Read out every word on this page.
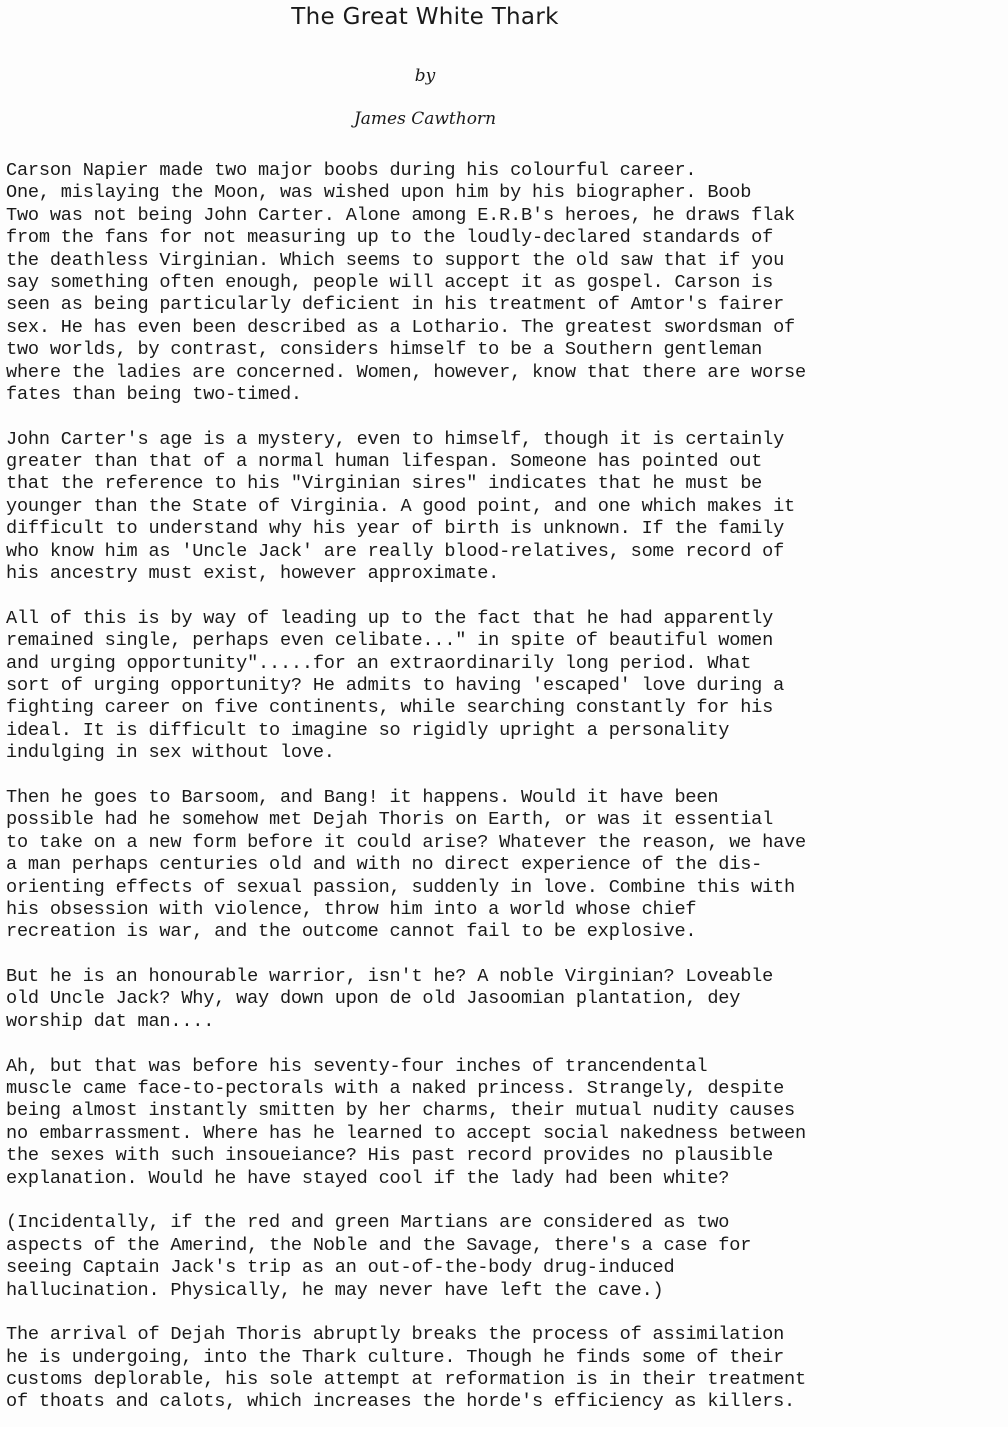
The Great White Thark
by
James Cawthorn
Carson Napier made two major boobs during his colourful career.
One, mislaying the Moon, was wished upon him by his biographer. Boob
Two was not being John Carter. Alone among E.R.B's heroes, he draws flak
from the fans for not measuring up to the loudly-declared standards of
the deathless Virginian. Which seems to support the old saw that if you
say something often enough, people will accept it as gospel. Carson is
seen as being particularly deficient in his treatment of Amtor's fairer
sex. He has even been described as a Lothario. The greatest swordsman of
two worlds, by contrast, considers himself to be a Southern gentleman
where the ladies are concerned. Women, however, know that there are worse
fates than being two-timed.
John Carter's age is a mystery, even to himself, though it is certainly
greater than that of a normal human lifespan. Someone has pointed out
that the reference to his "Virginian sires" indicates that he must be
younger than the State of Virginia. A good point, and one which makes it
difficult to understand why his year of birth is unknown. If the family
who know him as 'Uncle Jack' are really blood-relatives, some record of
his ancestry must exist, however approximate.
All of this is by way of leading up to the fact that he had apparently
remained single, perhaps even celibate..." in spite of beautiful women
and urging opportunity".....for an extraordinarily long period. What
sort of urging opportunity? He admits to having 'escaped' love during a
fighting career on five continents, while searching constantly for his
ideal. It is difficult to imagine so rigidly upright a personality
indulging in sex without love.
Then he goes to Barsoom, and Bang! it happens. Would it have been
possible had he somehow met Dejah Thoris on Earth, or was it essential
to take on a new form before it could arise? Whatever the reason, we have
a man perhaps centuries old and with no direct experience of the dis-
orienting effects of sexual passion, suddenly in love. Combine this with
his obsession with violence, throw him into a world whose chief
recreation is war, and the outcome cannot fail to be explosive.
But he is an honourable warrior, isn't he? A noble Virginian? Loveable
old Uncle Jack? Why, way down upon de old Jasoomian plantation, dey
worship dat man....
Ah, but that was before his seventy-four inches of trancendental
muscle came face-to-pectorals with a naked princess. Strangely, despite
being almost instantly smitten by her charms, their mutual nudity causes
no embarrassment. Where has he learned to accept social nakedness between
the sexes with such insoueiance? His past record provides no plausible
explanation. Would he have stayed cool if the lady had been white?
(Incidentally, if the red and green Martians are considered as two
aspects of the Amerind, the Noble and the Savage, there's a case for
seeing Captain Jack's trip as an out-of-the-body drug-induced
hallucination. Physically, he may never have left the cave.)
The arrival of Dejah Thoris abruptly breaks the process of assimilation
he is undergoing, into the Thark culture. Though he finds some of their
customs deplorable, his sole attempt at reformation is in their treatment
of thoats and calots, which increases the horde's efficiency as killers.
